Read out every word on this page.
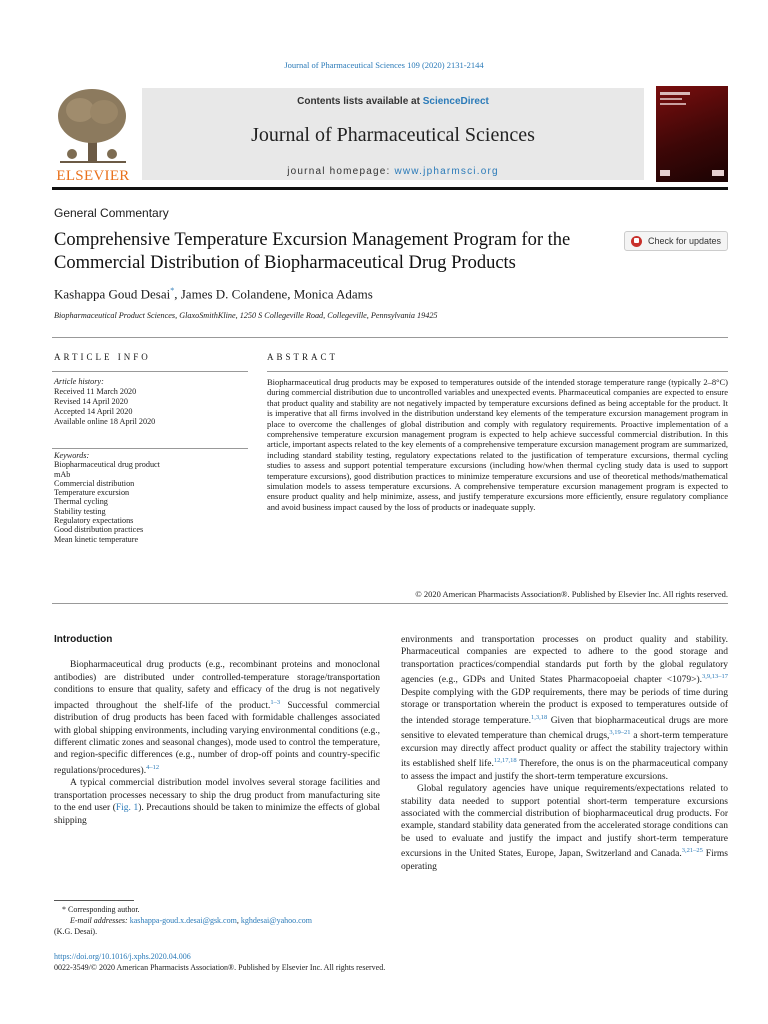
Journal of Pharmaceutical Sciences 109 (2020) 2131-2144
ELSEVIER
Contents lists available at ScienceDirect
Journal of Pharmaceutical Sciences
journal homepage: www.jpharmsci.org
General Commentary
Comprehensive Temperature Excursion Management Program for the Commercial Distribution of Biopharmaceutical Drug Products
Check for updates
Kashappa Goud Desai*, James D. Colandene, Monica Adams
Biopharmaceutical Product Sciences, GlaxoSmithKline, 1250 S Collegeville Road, Collegeville, Pennsylvania 19425
ARTICLE INFO	ABSTRACT
Article history:
Received 11 March 2020
Revised 14 April 2020
Accepted 14 April 2020
Available online 18 April 2020
Keywords:
Biopharmaceutical drug product
mAb
Commercial distribution
Temperature excursion
Thermal cycling
Stability testing
Regulatory expectations
Good distribution practices
Mean kinetic temperature
Biopharmaceutical drug products may be exposed to temperatures outside of the intended storage temperature range (typically 2–8°C) during commercial distribution due to uncontrolled variables and unexpected events. Pharmaceutical companies are expected to ensure that product quality and stability are not negatively impacted by temperature excursions defined as being acceptable for the product. It is imperative that all firms involved in the distribution understand key elements of the temperature excursion management program in place to overcome the challenges of global distribution and comply with regulatory requirements. Proactive implementation of a comprehensive temperature excursion management program is expected to help achieve successful commercial distribution. In this article, important aspects related to the key elements of a comprehensive temperature excursion management program are summarized, including standard stability testing, regulatory expectations related to the justification of temperature excursions, thermal cycling studies to assess and support potential temperature excursions (including how/when thermal cycling study data is used to support temperature excursions), good distribution practices to minimize temperature excursions and use of theoretical methods/mathematical simulation models to assess temperature excursions. A comprehensive temperature excursion management program is expected to ensure product quality and help minimize, assess, and justify temperature excursions more efficiently, ensure regulatory compliance and avoid business impact caused by the loss of products or inadequate supply.
© 2020 American Pharmacists Association®. Published by Elsevier Inc. All rights reserved.
Introduction

Biopharmaceutical drug products (e.g., recombinant proteins and monoclonal antibodies) are distributed under controlled-temperature storage/transportation conditions to ensure that quality, safety and efficacy of the drug is not negatively impacted throughout the shelf-life of the product.$^{1-3}$ Successful commercial distribution of drug products has been faced with formidable challenges associated with global shipping environments, including varying environmental conditions (e.g., different climatic zones and seasonal changes), mode used to control the temperature, and region-specific differences (e.g., number of drop-off points and country-specific regulations/procedures).$^{4-12}$

A typical commercial distribution model involves several storage facilities and transportation processes necessary to ship the drug product from manufacturing site to the end user (Fig. 1). Precautions should be taken to minimize the effects of global shipping

environments and transportation processes on product quality and stability. Pharmaceutical companies are expected to adhere to the good storage and transportation practices/compendial standards put forth by the global regulatory agencies (e.g., GDPs and United States Pharmacopoeial chapter <1079>).$^{3,9,13-17}$ Despite complying with the GDP requirements, there may be periods of time during storage or transportation wherein the product is exposed to temperatures outside of the intended storage temperature.$^{1,3,18}$ Given that biopharmaceutical drugs are more sensitive to elevated temperature than chemical drugs,$^{3,19-21}$ a short-term temperature excursion may directly affect product quality or affect the stability trajectory within its established shelf life.$^{12,17,18}$ Therefore, the onus is on the pharmaceutical company to assess the impact and justify the short-term temperature excursions.

Global regulatory agencies have unique requirements/expectations related to stability data needed to support potential short-term temperature excursions associated with the commercial distribution of biopharmaceutical drug products. For example, standard stability data generated from the accelerated storage conditions can be used to evaluate and justify the impact and justify short-term temperature excursions in the United States, Europe, Japan, Switzerland and Canada.$^{3,21-25}$ Firms operating

* Corresponding author.
E-mail addresses: kashappa-goud.x.desai@gsk.com, kghdesai@yahoo.com
(K.G. Desai).
https://doi.org/10.1016/j.xphs.2020.04.006
0022-3549/© 2020 American Pharmacists Association®. Published by Elsevier Inc. All rights reserved.
